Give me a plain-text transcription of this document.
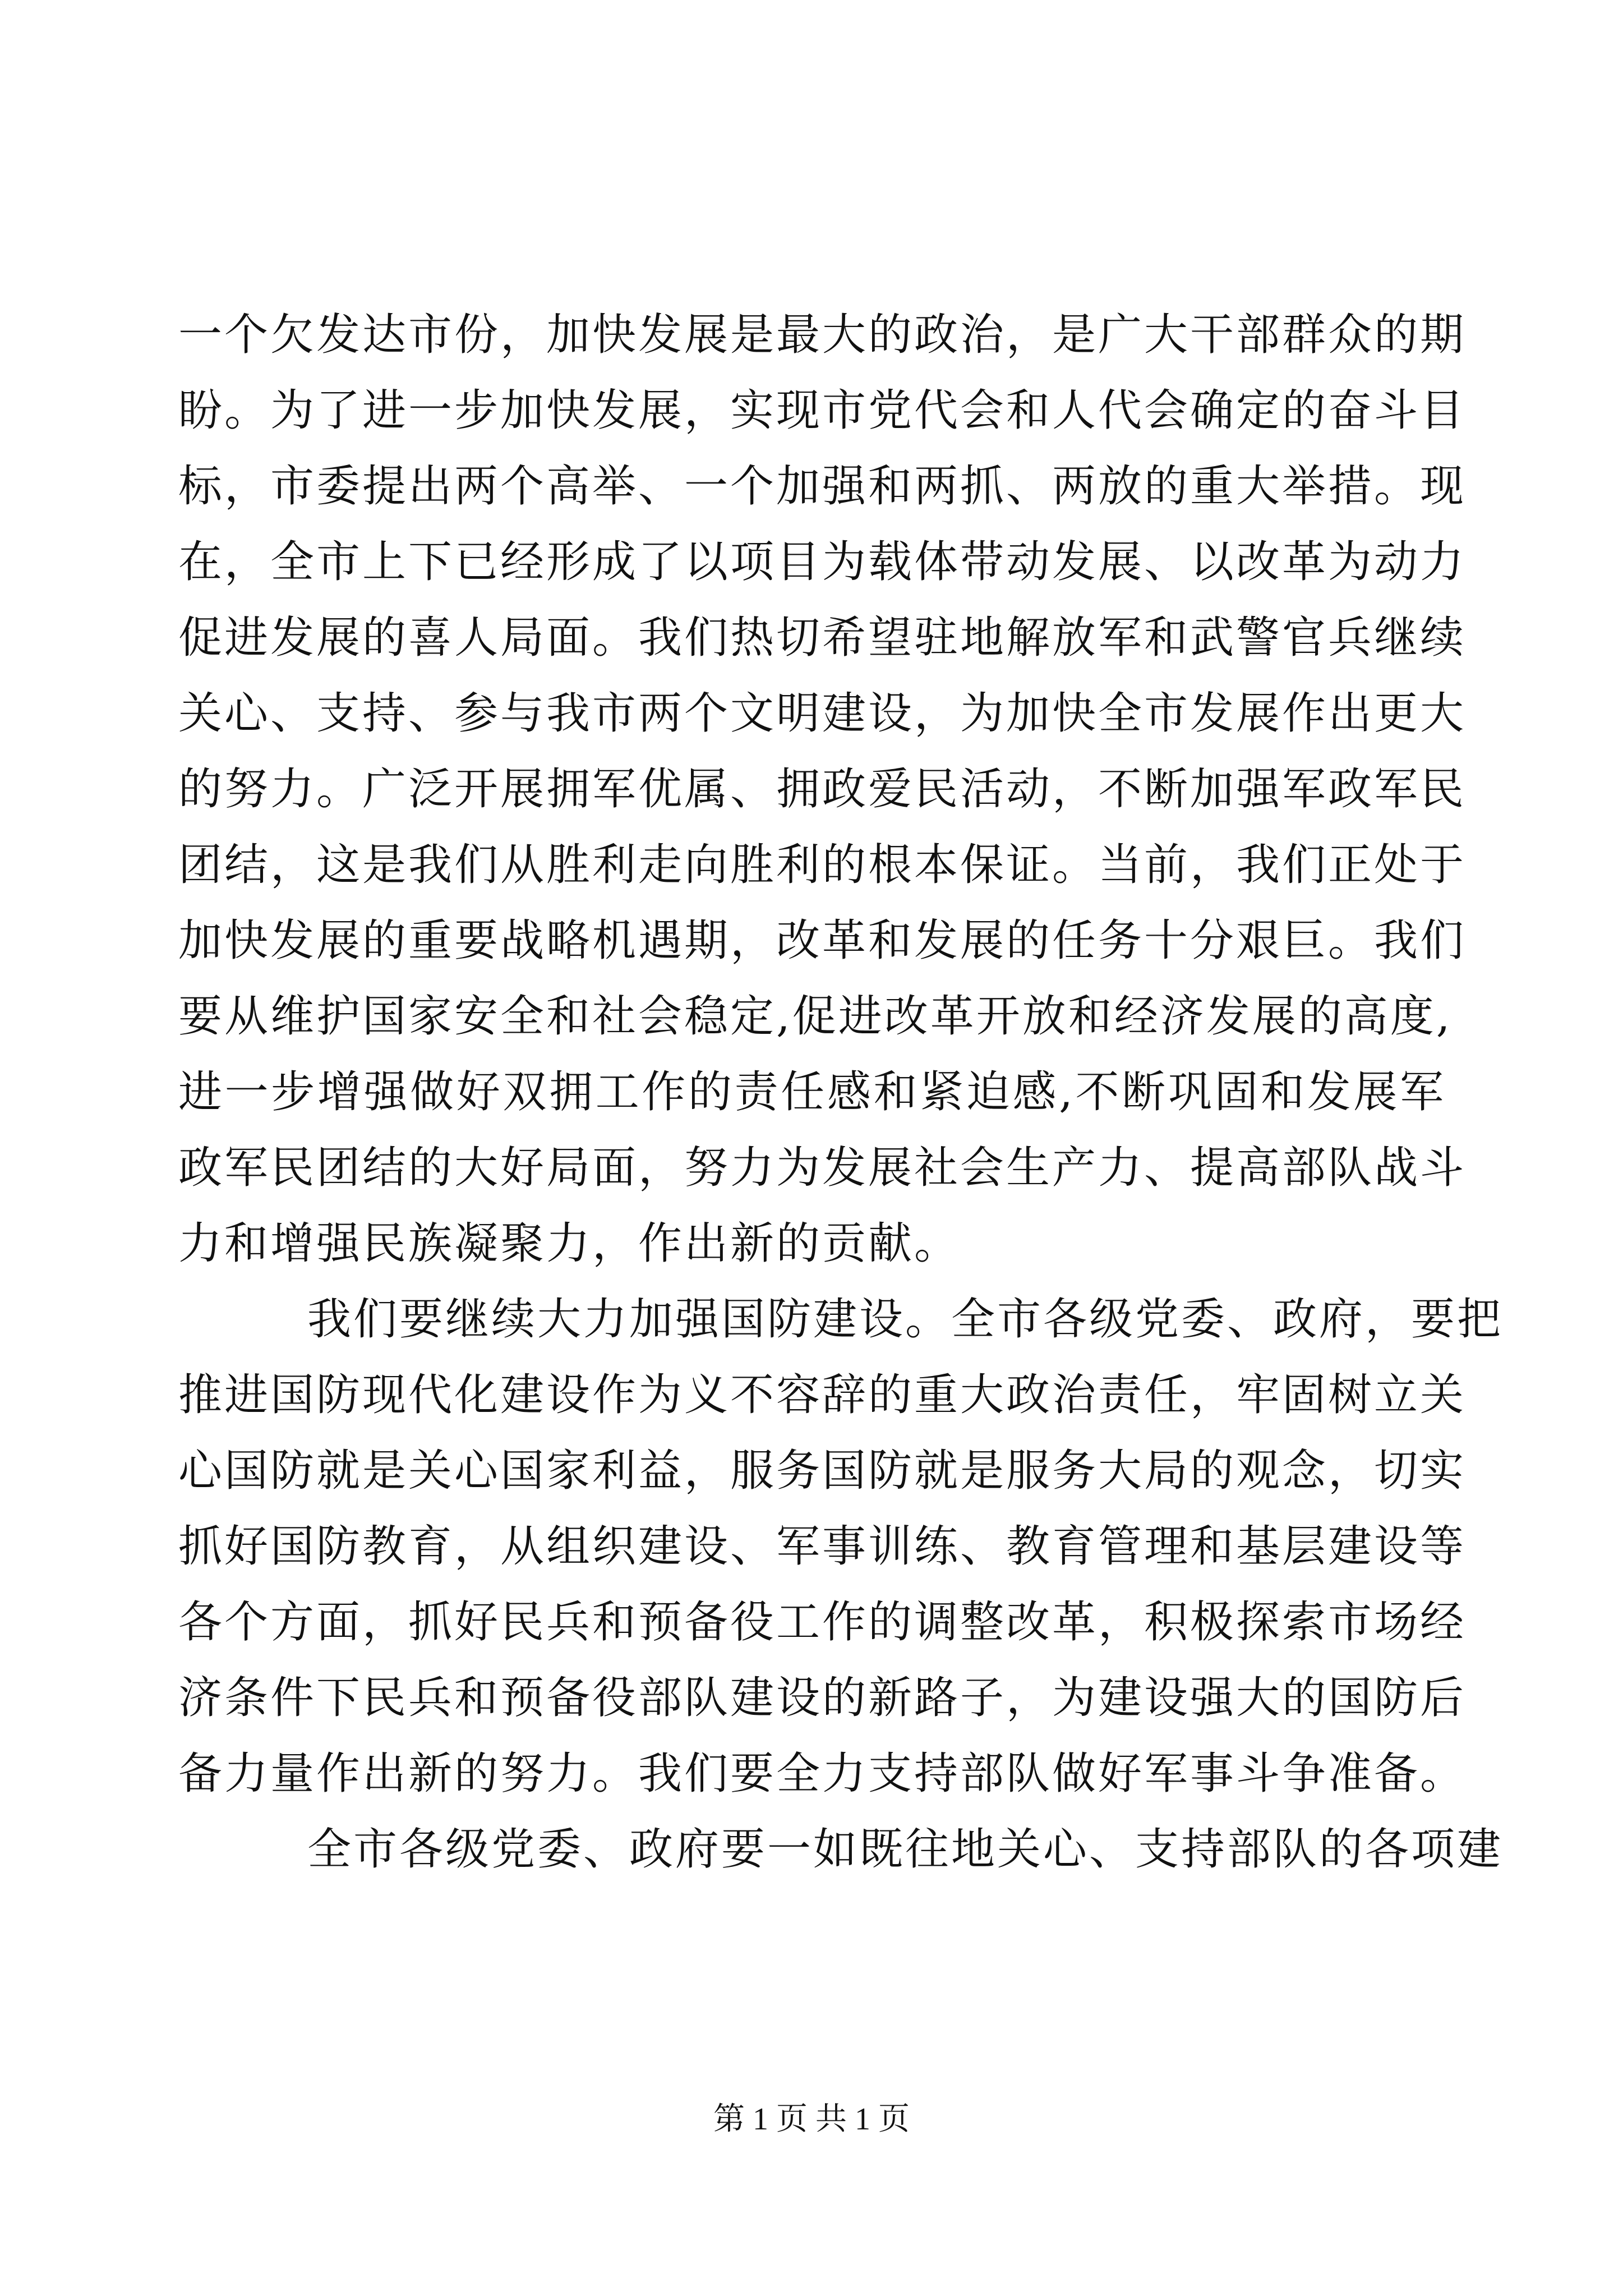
一个欠发达市份，加快发展是最大的政治，是广大干部群众的期
盼。为了进一步加快发展，实现市党代会和人代会确定的奋斗目
标，市委提出两个高举、一个加强和两抓、两放的重大举措。现
在，全市上下已经形成了以项目为载体带动发展、以改革为动力
促进发展的喜人局面。我们热切希望驻地解放军和武警官兵继续
关心、支持、参与我市两个文明建设，为加快全市发展作出更大
的努力。广泛开展拥军优属、拥政爱民活动，不断加强军政军民
团结，这是我们从胜利走向胜利的根本保证。当前，我们正处于
加快发展的重要战略机遇期，改革和发展的任务十分艰巨。我们
要从维护国家安全和社会稳定,促进改革开放和经济发展的高度,
进一步增强做好双拥工作的责任感和紧迫感,不断巩固和发展军
政军民团结的大好局面，努力为发展社会生产力、提高部队战斗
力和增强民族凝聚力，作出新的贡献。
我们要继续大力加强国防建设。全市各级党委、政府，要把
推进国防现代化建设作为义不容辞的重大政治责任，牢固树立关
心国防就是关心国家利益，服务国防就是服务大局的观念，切实
抓好国防教育，从组织建设、军事训练、教育管理和基层建设等
各个方面，抓好民兵和预备役工作的调整改革，积极探索市场经
济条件下民兵和预备役部队建设的新路子，为建设强大的国防后
备力量作出新的努力。我们要全力支持部队做好军事斗争准备。
全市各级党委、政府要一如既往地关心、支持部队的各项建
第 1 页 共 1 页
